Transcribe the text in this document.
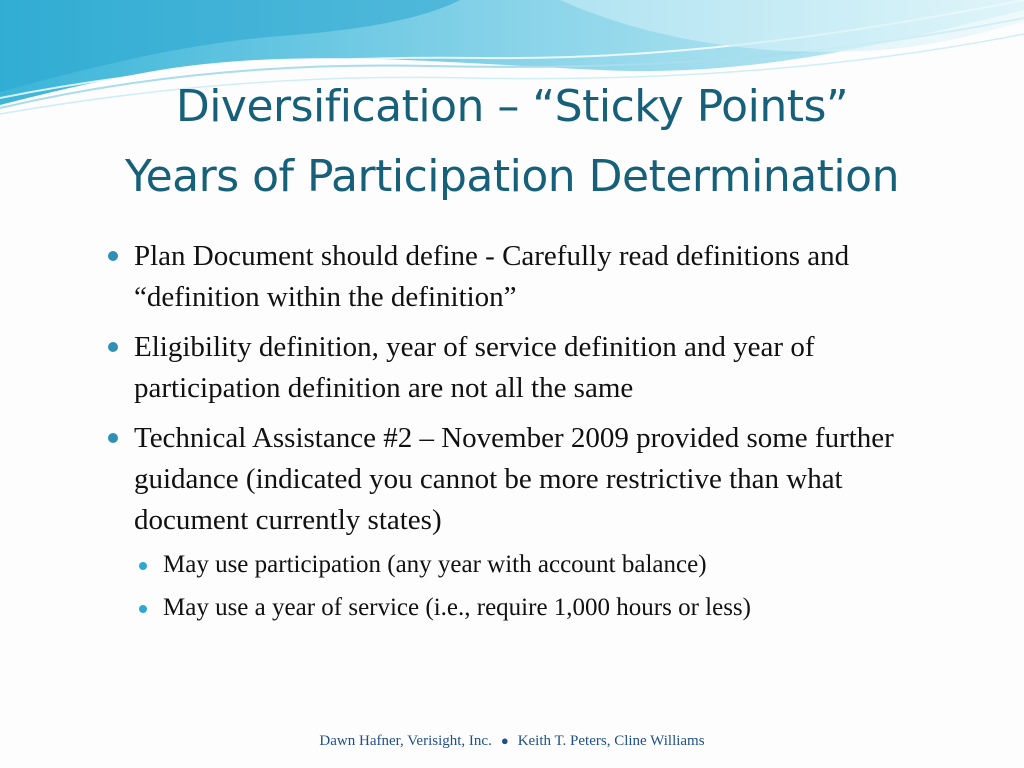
Diversification – “Sticky Points”
Years of Participation Determination
Plan Document should define - Carefully read definitions and “definition within the definition”
Eligibility definition, year of service definition and year of participation definition are not all the same
Technical Assistance #2 – November 2009 provided some further guidance (indicated you cannot be more restrictive than what document currently states)
May use participation (any year with account balance)
May use a year of service (i.e., require 1,000 hours or less)
Dawn Hafner, Verisight, Inc. ● Keith T. Peters, Cline Williams
